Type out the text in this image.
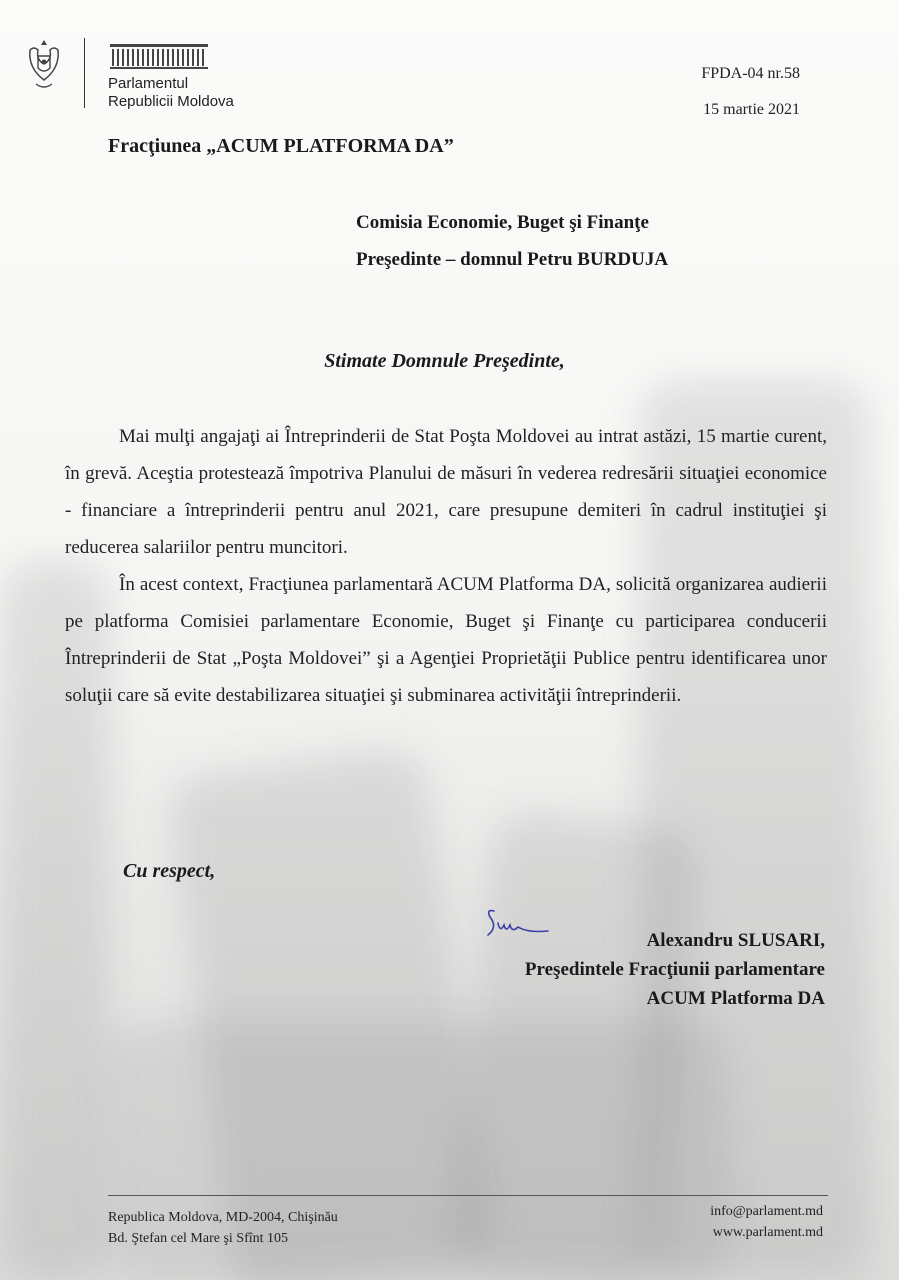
Parlamentul
Republicii Moldova
FPDA-04 nr.58
15 martie 2021
Fracţiunea „ACUM PLATFORMA DA”
Comisia Economie, Buget şi Finanţe
Preşedinte – domnul Petru BURDUJA
Stimate Domnule Preşedinte,

Mai mulţi angajaţi ai Întreprinderii de Stat Poşta Moldovei au intrat astăzi, 15 martie curent, în grevă. Aceştia protestează împotriva Planului de măsuri în vederea redresării situaţiei economice - financiare a întreprinderii pentru anul 2021, care presupune demiteri în cadrul instituţiei şi reducerea salariilor pentru muncitori.

În acest context, Fracţiunea parlamentară ACUM Platforma DA, solicită organizarea audierii pe platforma Comisiei parlamentare Economie, Buget şi Finanţe cu participarea conducerii Întreprinderii de Stat „Poşta Moldovei” şi a Agenţiei Proprietăţii Publice pentru identificarea unor soluţii care să evite destabilizarea situaţiei şi subminarea activităţii întreprinderii.

Cu respect,
Alexandru SLUSARI,
Preşedintele Fracţiunii parlamentare
ACUM Platforma DA
Republica Moldova, MD-2004, Chişinău
Bd. Ştefan cel Mare şi Sfînt 105
info@parlament.md
www.parlament.md
